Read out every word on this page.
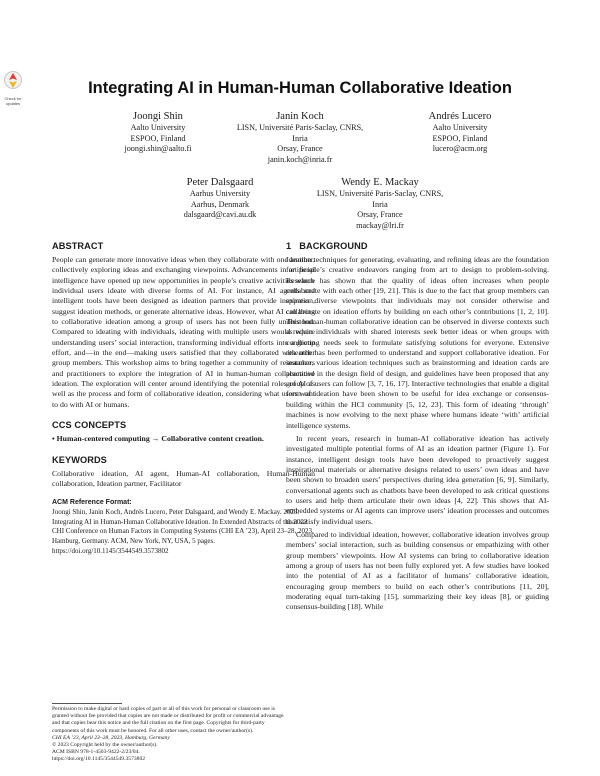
Check for updates
Integrating AI in Human-Human Collaborative Ideation
Joongi Shin
Aalto University
ESPOO, Finland
joongi.shin@aalto.fi
Janin Koch
LISN, Université Paris-Saclay, CNRS,
Inria
Orsay, France
janin.koch@inria.fr
Andrés Lucero
Aalto University
ESPOO, Finland
lucero@acm.org
Peter Dalsgaard
Aarhus University
Aarhus, Denmark
dalsgaard@cavi.au.dk
Wendy E. Mackay
LISN, Université Paris-Saclay, CNRS,
Inria
Orsay, France
mackay@lri.fr
ABSTRACT

People can generate more innovative ideas when they collaborate with one another, collectively exploring ideas and exchanging viewpoints. Advancements in artificial intelligence have opened up new opportunities in people’s creative activities where individual users ideate with diverse forms of AI. For instance, AI agents and intelligent tools have been designed as ideation partners that provide inspiration, suggest ideation methods, or generate alternative ideas. However, what AI can bring to collaborative ideation among a group of users has not been fully understood. Compared to ideating with individuals, ideating with multiple users would require understanding users’ social interaction, transforming individual efforts into a group effort, and—in the end—making users satisfied that they collaborated with other group members. This workshop aims to bring together a community of researchers and practitioners to explore the integration of AI in human-human collaborative ideation. The exploration will center around identifying the potential roles of AI as well as the process and form of collaborative ideation, considering what users want to do with AI or humans.

CCS CONCEPTS

• Human-centered computing → Collaborative content creation.

KEYWORDS

Collaborative ideation, AI agent, Human-AI collaboration, Human-Human collaboration, Ideation partner, Facilitator

ACM Reference Format:

Joongi Shin, Janin Koch, Andrés Lucero, Peter Dalsgaard, and Wendy E. Mackay. 2023. Integrating AI in Human-Human Collaborative Ideation. In Extended Abstracts of the 2023 CHI Conference on Human Factors in Computing Systems (CHI EA ’23), April 23–28, 2023, Hamburg, Germany. ACM, New York, NY, USA, 5 pages. https://doi.org/10.1145/3544549.3573802

Permission to make digital or hard copies of part or all of this work for personal or classroom use is granted without fee provided that copies are not made or distributed for profit or commercial advantage and that copies bear this notice and the full citation on the first page. Copyrights for third-party components of this work must be honored. For all other uses, contact the owner/author(s).

CHI EA ’23, April 23–28, 2023, Hamburg, Germany

© 2023 Copyright held by the owner/author(s).

ACM ISBN 978-1-4503-9422-2/23/04.

https://doi.org/10.1145/3544549.3573802

1 BACKGROUND

Ideation techniques for generating, evaluating, and refining ideas are the foundation for people’s creative endeavors ranging from art to design to problem-solving. Research has shown that the quality of ideas often increases when people collaborate with each other [19, 21]. This is due to the fact that group members can express diverse viewpoints that individuals may not consider otherwise and collaborate on ideation efforts by building on each other’s contributions [1, 2, 10]. This human-human collaborative ideation can be observed in diverse contexts such as when individuals with shared interests seek better ideas or when groups with conflicting needs seek to formulate satisfying solutions for everyone. Extensive research has been performed to understand and support collaborative ideation. For instance, various ideation techniques such as brainstorming and ideation cards are practiced in the design field of design, and guidelines have been proposed that any group of users can follow [3, 7, 16, 17]. Interactive technologies that enable a digital form of ideation have been shown to be useful for idea exchange or consensus-building within the HCI community [5, 12, 23]. This form of ideating ‘through’ machines is now evolving to the next phase where humans ideate ‘with’ artificial intelligence systems.

In recent years, research in human-AI collaborative ideation has actively investigated multiple potential forms of AI as an ideation partner (Figure 1). For instance, intelligent design tools have been developed to proactively suggest inspirational materials or alternative designs related to users’ own ideas and have been shown to broaden users’ perspectives during idea generation [6, 9]. Similarly, conversational agents such as chatbots have been developed to ask critical questions to users and help them articulate their own ideas [4, 22]. This shows that AI-embedded systems or AI agents can improve users’ ideation processes and outcomes that satisfy individual users.

Compared to individual ideation, however, collaborative ideation involves group members’ social interaction, such as building consensus or empathizing with other group members’ viewpoints. How AI systems can bring to collaborative ideation among a group of users has not been fully explored yet. A few studies have looked into the potential of AI as a facilitator of humans’ collaborative ideation, encouraging group members to build on each other’s contributions [11, 20], moderating equal turn-taking [15], summarizing their key ideas [8], or guiding consensus-building [18]. While
